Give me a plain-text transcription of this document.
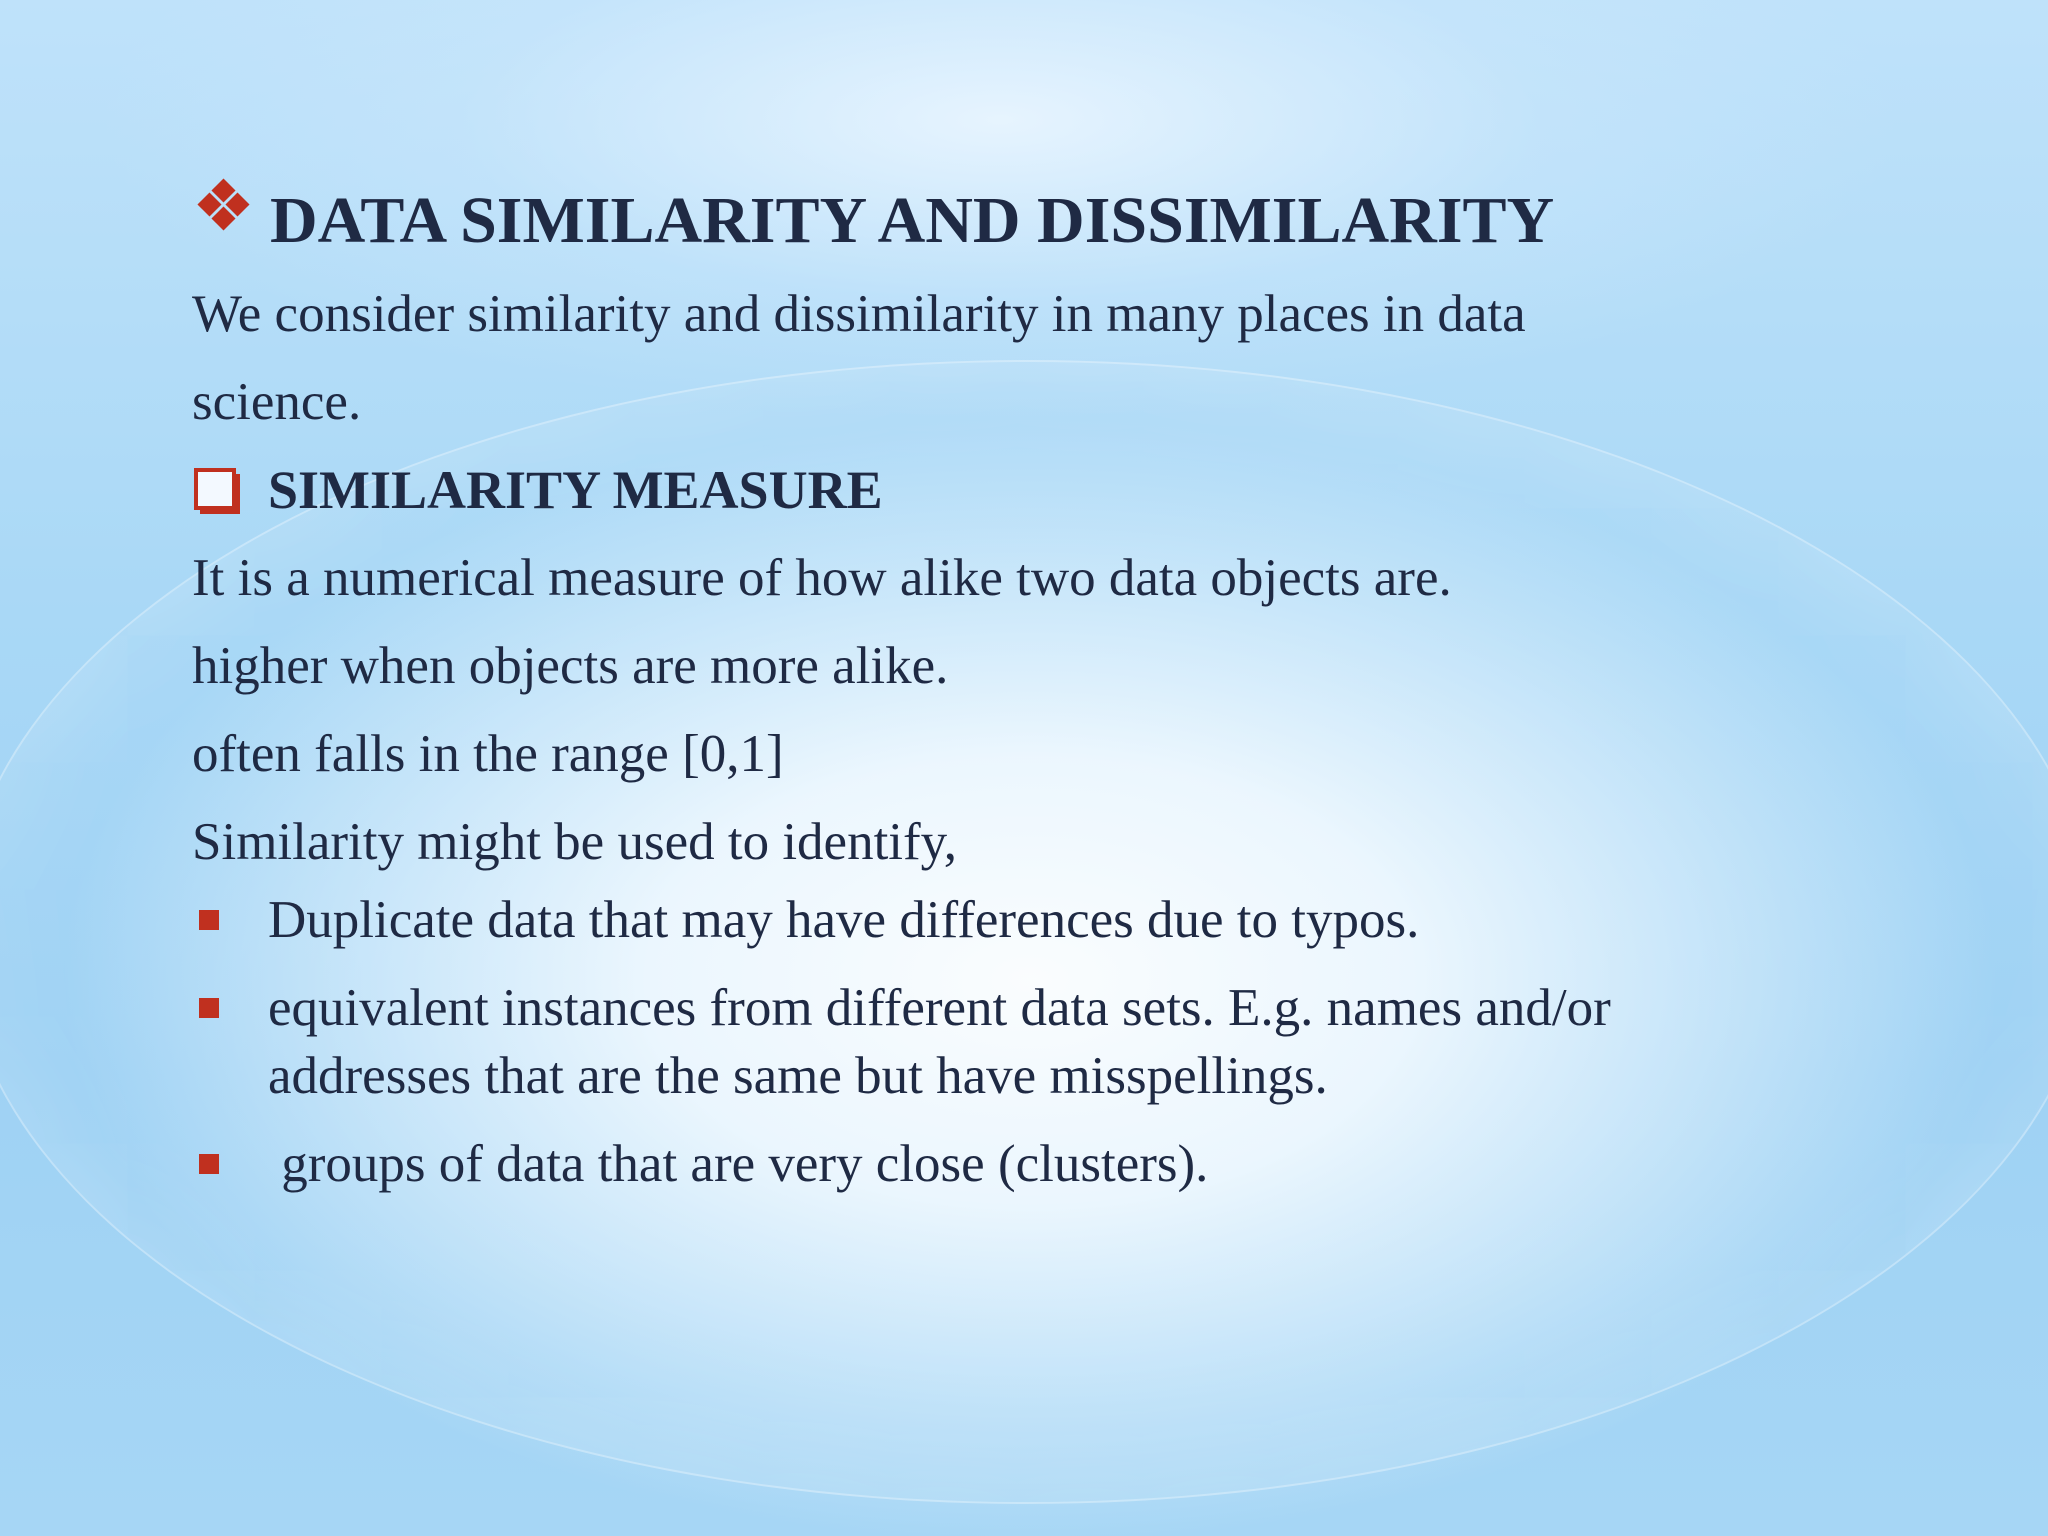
DATA SIMILARITY AND DISSIMILARITY
We consider similarity and dissimilarity in many places in data
science.
SIMILARITY MEASURE
It is a numerical measure of how alike two data objects are.
higher when objects are more alike.
often falls in the range [0,1]
Similarity might be used to identify,
Duplicate data that may have differences due to typos.
equivalent instances from different data sets. E.g. names and/or addresses that are the same but have misspellings.
groups of data that are very close (clusters).
